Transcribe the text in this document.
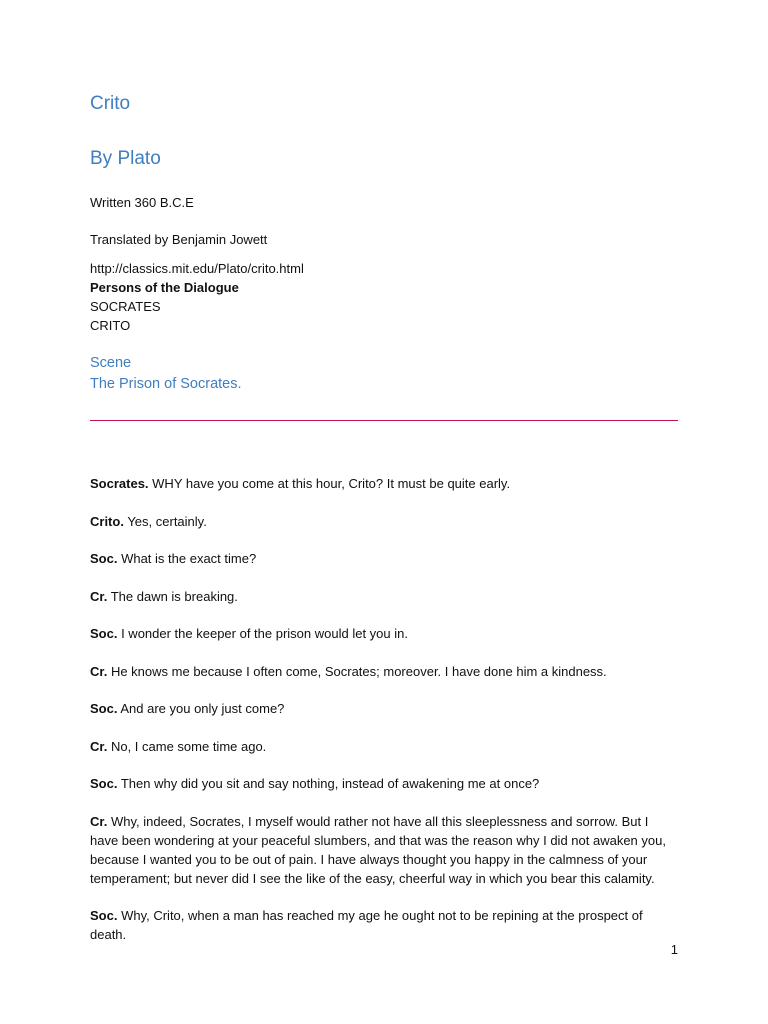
Crito
By Plato

Written 360 B.C.E

Translated by Benjamin Jowett

http://classics.mit.edu/Plato/crito.html

Persons of the Dialogue

SOCRATES

CRITO

Scene

The Prison of Socrates.

Socrates. WHY have you come at this hour, Crito? It must be quite early.

Crito. Yes, certainly.

Soc. What is the exact time?

Cr. The dawn is breaking.

Soc. I wonder the keeper of the prison would let you in.

Cr. He knows me because I often come, Socrates; moreover. I have done him a kindness.

Soc. And are you only just come?

Cr. No, I came some time ago.

Soc. Then why did you sit and say nothing, instead of awakening me at once?

Cr. Why, indeed, Socrates, I myself would rather not have all this sleeplessness and sorrow. But I have been wondering at your peaceful slumbers, and that was the reason why I did not awaken you, because I wanted you to be out of pain. I have always thought you happy in the calmness of your temperament; but never did I see the like of the easy, cheerful way in which you bear this calamity.

Soc. Why, Crito, when a man has reached my age he ought not to be repining at the prospect of death.

1
